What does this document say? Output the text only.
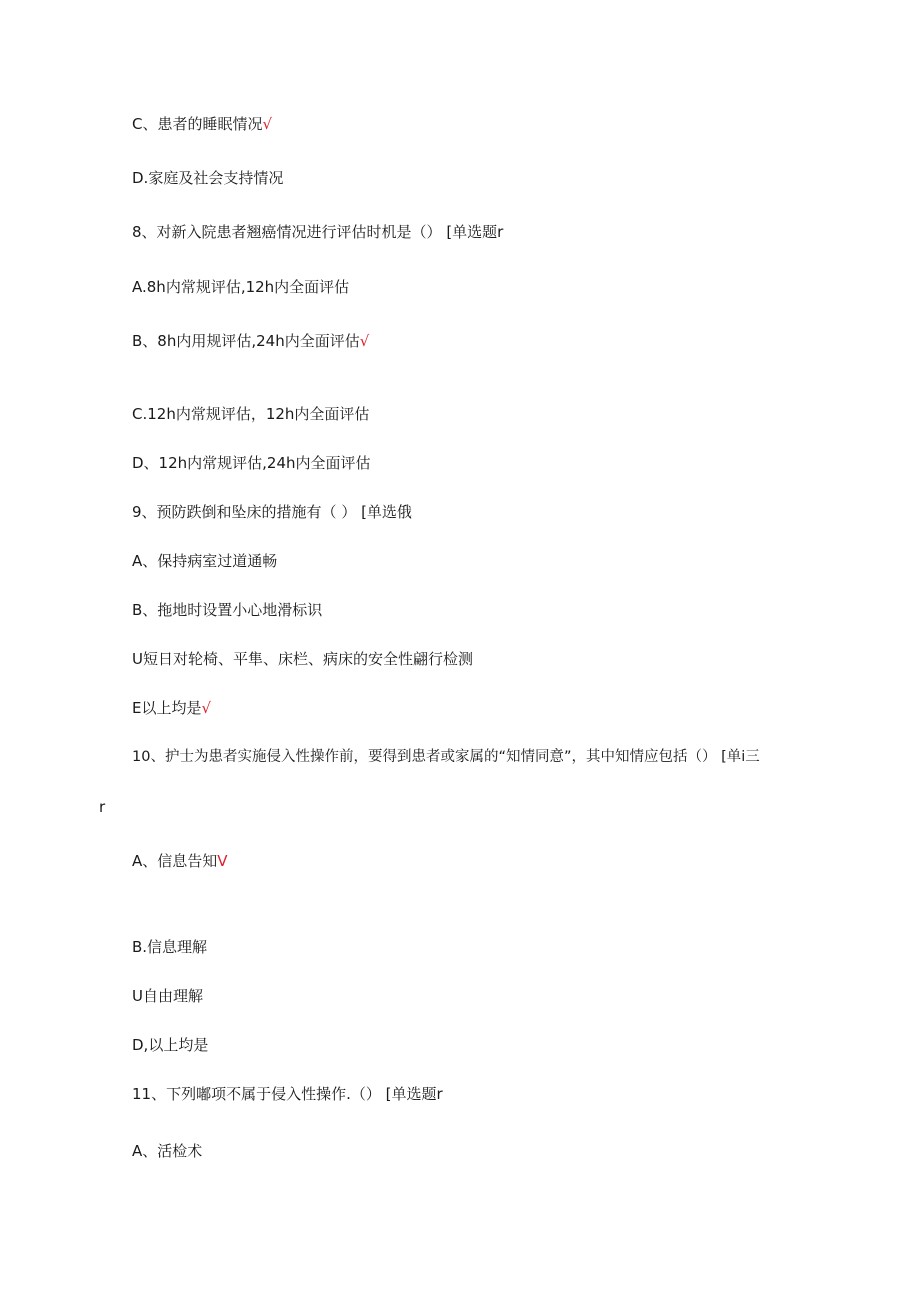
C、患者的睡眠情况√
D.家庭及社会支持情况
8、对新入院患者翘癌情况进行评估时机是（） [单选题r
A.8h内常规评估,12h内全面评估
B、8h内用规评估,24h内全面评估√
C.12h内常规评估，12h内全面评估
D、12h内常规评估,24h内全面评估
9、预防跌倒和坠床的措施有（ ） [单选俄
A、保持病室过道通畅
B、拖地时设置小心地滑标识
U短日对轮椅、平隼、床栏、病床的安全性翩行检测
E以上均是√
10、护士为患者实施侵入性操作前，要得到患者或家属的“知情同意”，其中知情应包括（） [单i三
r
A、信息告知V
B.信息理解
U自由理解
D,以上均是
11、下列嘟项不属于侵入性操作.（） [单选题r
A、活检术
